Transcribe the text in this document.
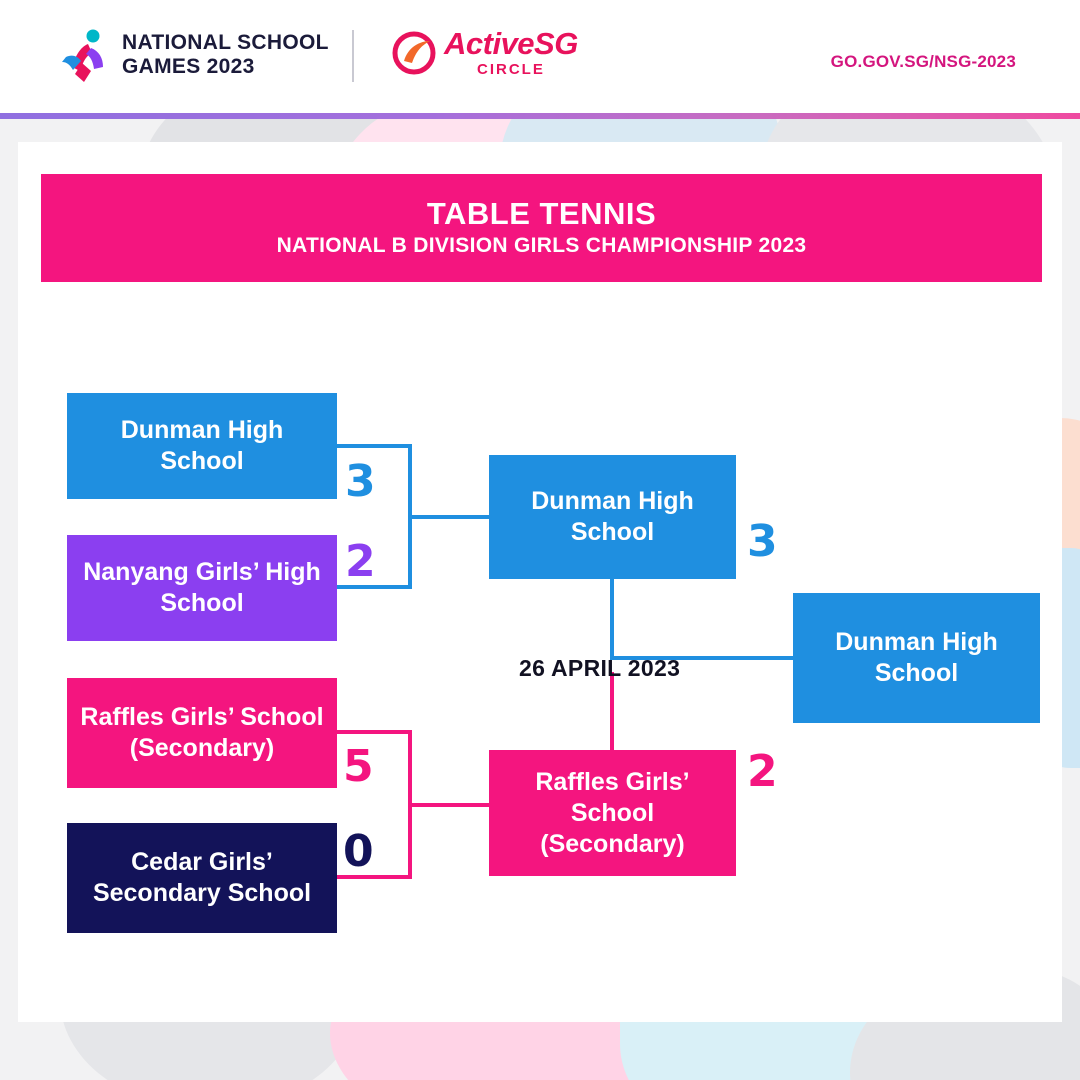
NATIONAL SCHOOL
GAMES 2023
ActiveSG
CIRCLE	GO.GOV.SG/NSG-2023
TABLE TENNIS
NATIONAL B DIVISION GIRLS CHAMPIONSHIP 2023
Dunman High School	3
Nanyang Girls’ High School
2
Raffles Girls’ School (Secondary)	5
Cedar Girls’ Secondary School
0
Dunman High School	3
Raffles Girls’ School (Secondary)
2
Dunman High School
26 APRIL 2023
